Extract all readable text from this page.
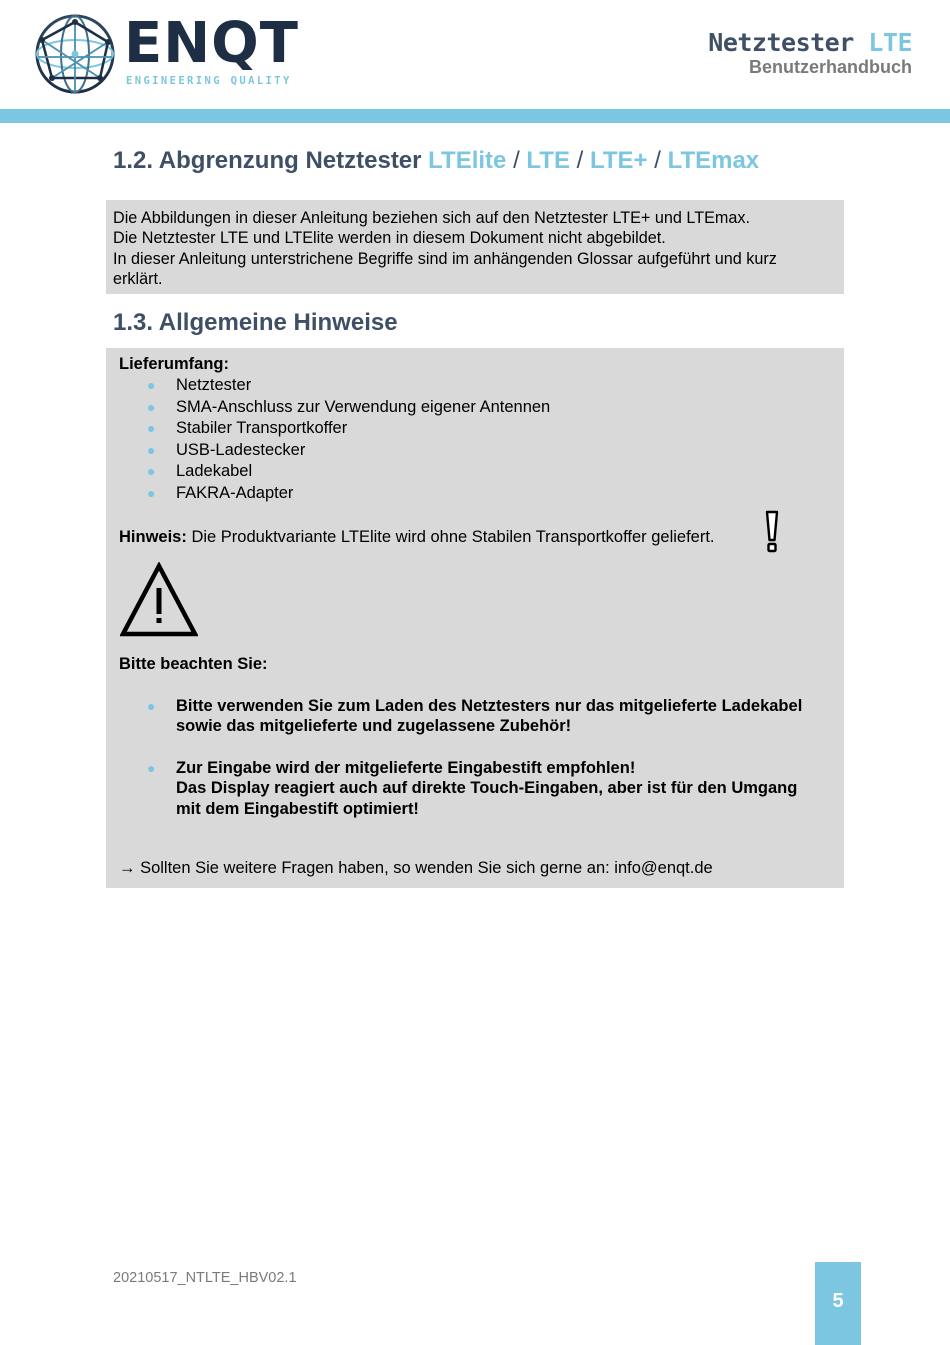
ENQT
ENGINEERING QUALITY
Netztester LTE
Benutzerhandbuch
1.2. Abgrenzung Netztester LTElite / LTE / LTE+ / LTEmax
Die Abbildungen in dieser Anleitung beziehen sich auf den Netztester LTE+ und LTEmax.
Die Netztester LTE und LTElite werden in diesem Dokument nicht abgebildet.
In dieser Anleitung unterstrichene Begriffe sind im anhängenden Glossar aufgeführt und kurz
erklärt.
1.3. Allgemeine Hinweise
Lieferumfang:
● Netztester
● SMA-Anschluss zur Verwendung eigener Antennen
● Stabiler Transportkoffer
● USB-Ladestecker
● Ladekabel
● FAKRA-Adapter
Hinweis: Die Produktvariante LTElite wird ohne Stabilen Transportkoffer geliefert.
Bitte beachten Sie:
● Bitte verwenden Sie zum Laden des Netztesters nur das mitgelieferte Ladekabel
sowie das mitgelieferte und zugelassene Zubehör!
● Zur Eingabe wird der mitgelieferte Eingabestift empfohlen!
Das Display reagiert auch auf direkte Touch-Eingaben, aber ist für den Umgang
mit dem Eingabestift optimiert!
→ Sollten Sie weitere Fragen haben, so wenden Sie sich gerne an: info@enqt.de
20210517_NTLTE_HBV02.1
5
